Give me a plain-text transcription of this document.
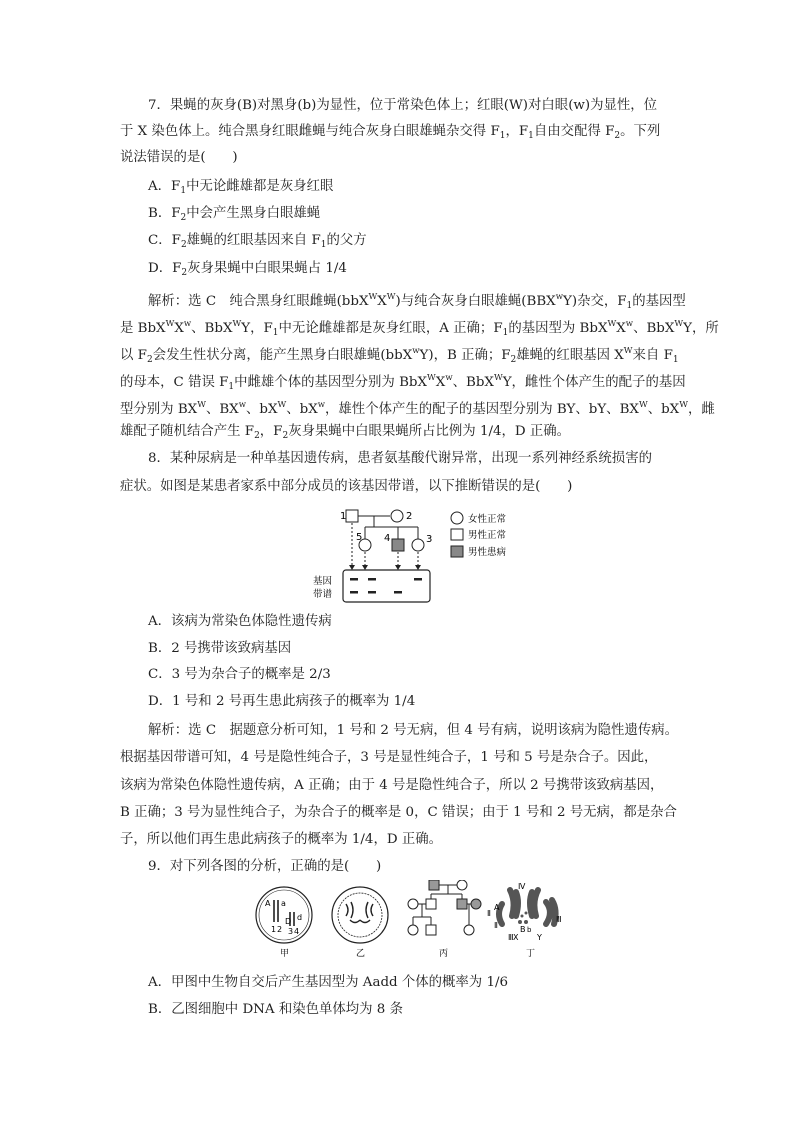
7．果蝇的灰身(B)对黑身(b)为显性，位于常染色体上；红眼(W)对白眼(w)为显性，位
于 X 染色体上。纯合黑身红眼雌蝇与纯合灰身白眼雄蝇杂交得 $F_1$，$F_1$自由交配得 $F_2$。下列
说法错误的是(　　)
A．$F_1$中无论雌雄都是灰身红眼
B．$F_2$中会产生黑身白眼雄蝇
C．$F_2$雄蝇的红眼基因来自 $F_1$的父方
D．$F_2$灰身果蝇中白眼果蝇占 1/4
解析：选 C　纯合黑身红眼雌蝇$(bbX^WX^W)$与纯合灰身白眼雄蝇(BBX$^w$Y)杂交，$F_1$的基因型
是 $BbX^WX^w$、BbX$^W$Y，$F_1$中无论雌雄都是灰身红眼，A 正确；$F_1$的基因型为 $BbX^WX^w$、BbX$^W$Y，所
以 $F_2$会发生性状分离，能产生黑身白眼雄蝇(bbX$^w$Y)，B 正确；$F_2$雄蝇的红眼基因 $X^W$来自 $F_1$
的母本，C 错误 $F_1$中雌雄个体的基因型分别为 $BbX^WX^w$、BbX$^W$Y，雌性个体产生的配子的基因
型分别为 $BX^W$、$BX^w$、$bX^W$、$bX^w$，雄性个体产生的配子的基因型分别为 BY、bY、$BX^W$、$bX^W$，雌
雄配子随机结合产生 $F_2$，$F_2$灰身果蝇中白眼果蝇所占比例为 1/4，D 正确。
8．某种尿病是一种单基因遗传病，患者氨基酸代谢异常，出现一系列神经系统损害的
症状。如图是某患者家系中部分成员的该基因带谱，以下推断错误的是(　　)
1	2
5 4	3
基因
带谱
女性正常
男性正常
男性患病
A．该病为常染色体隐性遗传病
B．2 号携带该致病基因
C．3 号为杂合子的概率是 2/3
D．1 号和 2 号再生患此病孩子的概率为 1/4
解析：选 C　据题意分析可知，1 号和 2 号无病，但 4 号有病，说明该病为隐性遗传病。
根据基因带谱可知，4 号是隐性纯合子，3 号是显性纯合子，1 号和 5 号是杂合子。因此，
该病为常染色体隐性遗传病，A 正确；由于 4 号是隐性纯合子，所以 2 号携带该致病基因，
B 正确；3 号为显性纯合子，为杂合子的概率是 0，C 错误；由于 1 号和 2 号无病，都是杂合
子，所以他们再生患此病孩子的概率为 1/4，D 正确。
9．对下列各图的分析，正确的是(　　)
A a
D d
1 2 3 4
甲	乙	丙
Ⅳ
A
Ⅱ
Ⅱ
Ⅲ
B b
X Y
Ⅲ
丁
A．甲图中生物自交后产生基因型为 Aadd 个体的概率为 1/6
B．乙图细胞中 DNA 和染色单体均为 8 条
